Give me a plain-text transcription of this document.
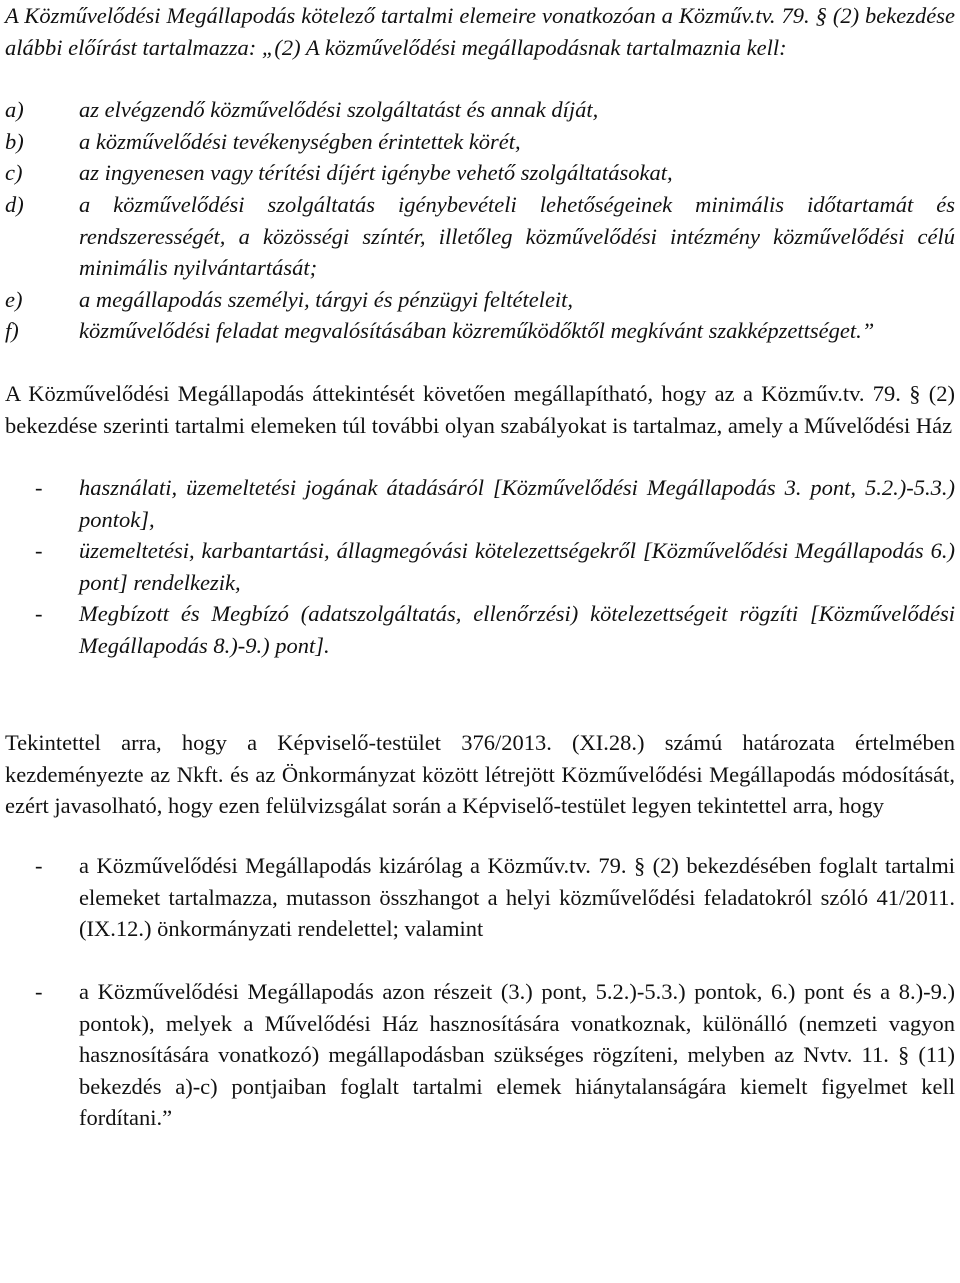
A Közművelődési Megállapodás kötelező tartalmi elemeire vonatkozóan a Közműv.tv. 79. § (2) bekezdése alábbi előírást tartalmazza: „(2) A közművelődési megállapodásnak tartalmaznia kell:

a) az elvégzendő közművelődési szolgáltatást és annak díját,
b) a közművelődési tevékenységben érintettek körét,
c)	az ingyenesen vagy térítési díjért igénybe vehető szolgáltatásokat,
d) a közművelődési szolgáltatás igénybevételi lehetőségeinek minimális időtartamát és rendszerességét, a közösségi színtér, illetőleg közművelődési intézmény közművelődési célú minimális nyilvántartását;
e)	a megállapodás személyi, tárgyi és pénzügyi feltételeit,
f)	közművelődési feladat megvalósításában közreműködőktől megkívánt szakképzettséget.”

A Közművelődési Megállapodás áttekintését követően megállapítható, hogy az a Közműv.tv. 79. § (2) bekezdése szerinti tartalmi elemeken túl további olyan szabályokat is tartalmaz, amely a Művelődési Ház

- használati, üzemeltetési jogának átadásáról [Közművelődési Megállapodás 3. pont, 5.2.)-5.3.) pontok],
- üzemeltetési, karbantartási, állagmegóvási kötelezettségekről [Közművelődési Megállapodás 6.) pont] rendelkezik,
- Megbízott és Megbízó (adatszolgáltatás, ellenőrzési) kötelezettségeit rögzíti [Közművelődési Megállapodás 8.)-9.) pont].

Tekintettel arra, hogy a Képviselő-testület 376/2013. (XI.28.) számú határozata értelmében kezdeményezte az Nkft. és az Önkormányzat között létrejött Közművelődési Megállapodás módosítását, ezért javasolható, hogy ezen felülvizsgálat során a Képviselő-testület legyen tekintettel arra, hogy

- a Közművelődési Megállapodás kizárólag a Közműv.tv. 79. § (2) bekezdésében foglalt tartalmi elemeket tartalmazza, mutasson összhangot a helyi közművelődési feladatokról szóló 41/2011. (IX.12.) önkormányzati rendelettel; valamint
- a Közművelődési Megállapodás azon részeit (3.) pont, 5.2.)-5.3.) pontok, 6.) pont és a 8.)-9.) pontok), melyek a Művelődési Ház hasznosítására vonatkoznak, különálló (nemzeti vagyon hasznosítására vonatkozó) megállapodásban szükséges rögzíteni, melyben az Nvtv. 11. § (11) bekezdés a)-c) pontjaiban foglalt tartalmi elemek hiánytalanságára kiemelt figyelmet kell fordítani.”
